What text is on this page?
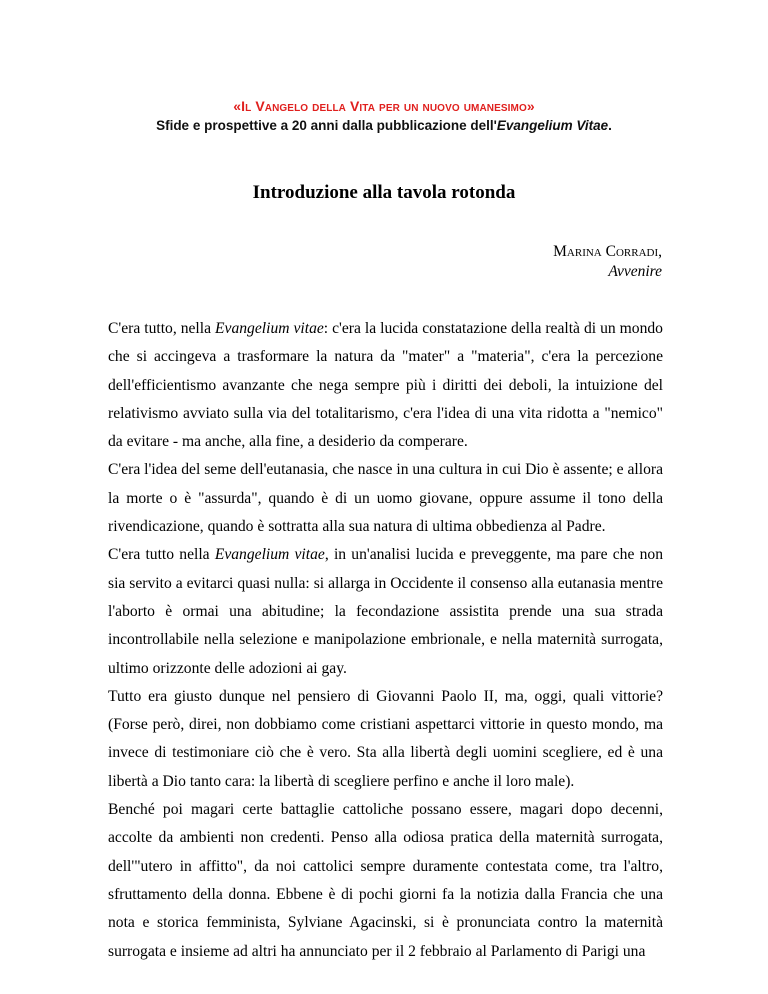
«Il Vangelo della Vita per un nuovo umanesimo»
Sfide e prospettive a 20 anni dalla pubblicazione dell'Evangelium Vitae.
Introduzione alla tavola rotonda
Marina Corradi,
Avvenire

C'era tutto, nella Evangelium vitae: c'era la lucida constatazione della realtà di un mondo che si accingeva a trasformare la natura da "mater" a "materia", c'era la percezione dell'efficientismo avanzante che nega sempre più i diritti dei deboli, la intuizione del relativismo avviato sulla via del totalitarismo, c'era l'idea di una vita ridotta a "nemico" da evitare - ma anche, alla fine, a desiderio da comperare.

C'era l'idea del seme dell'eutanasia, che nasce in una cultura in cui Dio è assente; e allora la morte o è "assurda", quando è di un uomo giovane, oppure assume il tono della rivendicazione, quando è sottratta alla sua natura di ultima obbedienza al Padre.

C'era tutto nella Evangelium vitae, in un'analisi lucida e preveggente, ma pare che non sia servito a evitarci quasi nulla: si allarga in Occidente il consenso alla eutanasia mentre l'aborto è ormai una abitudine; la fecondazione assistita prende una sua strada incontrollabile nella selezione e manipolazione embrionale, e nella maternità surrogata, ultimo orizzonte delle adozioni ai gay.

Tutto era giusto dunque nel pensiero di Giovanni Paolo II, ma, oggi, quali vittorie? (Forse però, direi, non dobbiamo come cristiani aspettarci vittorie in questo mondo, ma invece di testimoniare ciò che è vero. Sta alla libertà degli uomini scegliere, ed è una libertà a Dio tanto cara: la libertà di scegliere perfino e anche il loro male).

Benché poi magari certe battaglie cattoliche possano essere, magari dopo decenni, accolte da ambienti non credenti. Penso alla odiosa pratica della maternità surrogata, dell'"utero in affitto", da noi cattolici sempre duramente contestata come, tra l'altro, sfruttamento della donna. Ebbene è di pochi giorni fa la notizia dalla Francia che una nota e storica femminista, Sylviane Agacinski, si è pronunciata contro la maternità surrogata e insieme ad altri ha annunciato per il 2 febbraio al Parlamento di Parigi una
